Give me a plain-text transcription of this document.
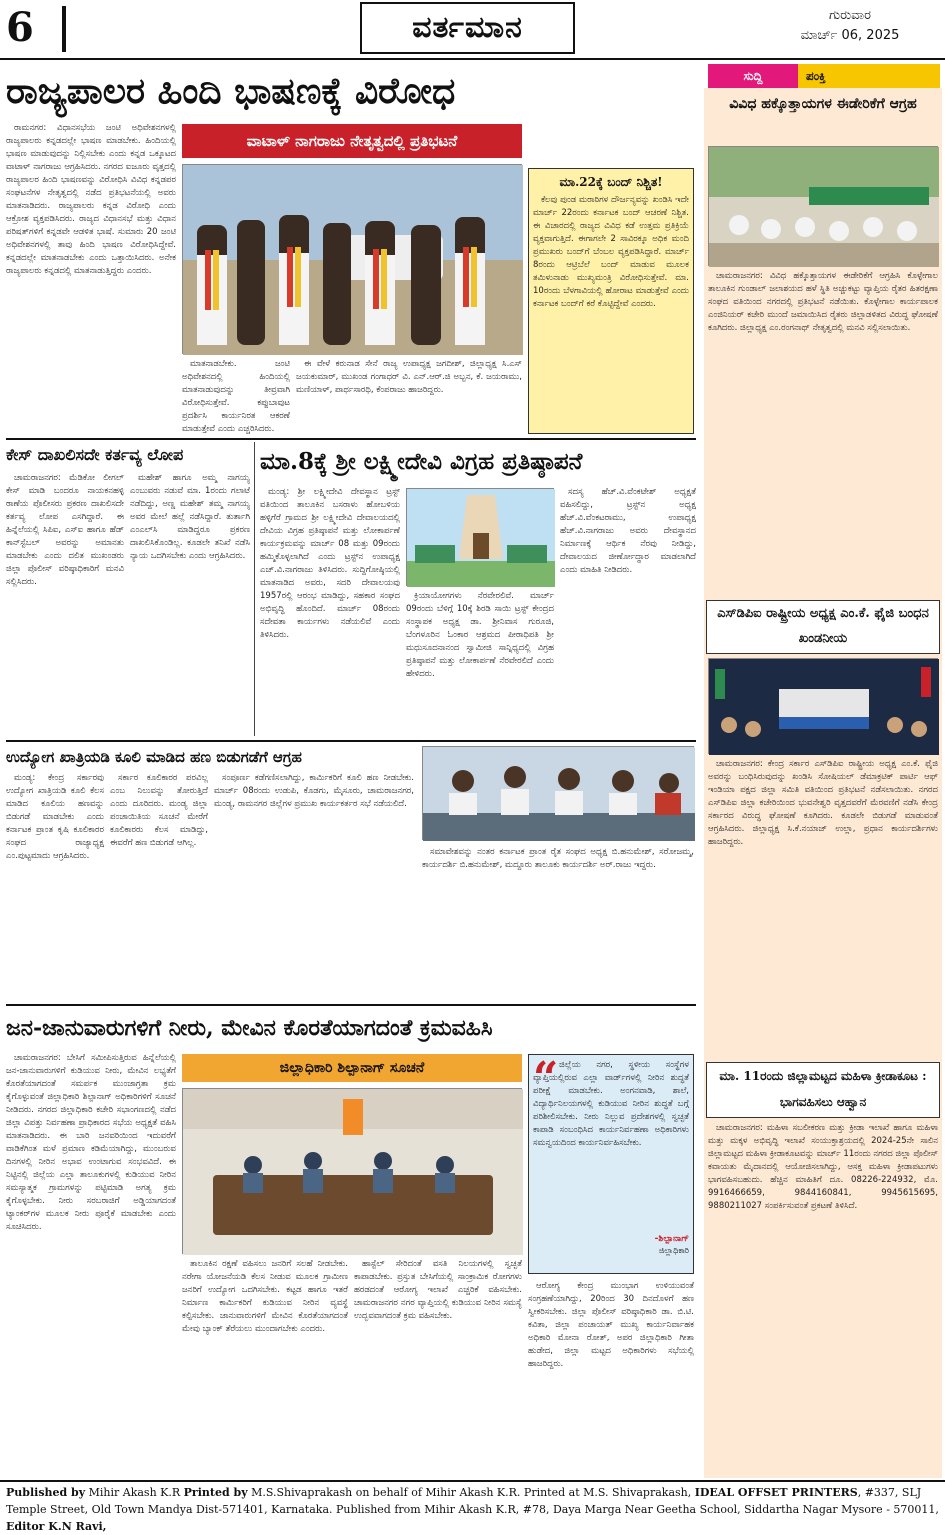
6	ವರ್ತಮಾನ	ಗುರುವಾರ
ಮಾರ್ಚ್ 06, 2025
ಸುದ್ದಿ	ಪಂಕ್ತಿ
ರಾಜ್ಯಪಾಲರ ಹಿಂದಿ ಭಾಷಣಕ್ಕೆ ವಿರೋಧ

ರಾಮನಗರ: ವಿಧಾನಸಭೆಯ ಜಂಟಿ ಅಧಿವೇಶನಗಳಲ್ಲಿ ರಾಜ್ಯಪಾಲರು ಕನ್ನಡದಲ್ಲೇ ಭಾಷಣ ಮಾಡಬೇಕು. ಹಿಂದಿಯಲ್ಲಿ ಭಾಷಣ ಮಾಡುವುದನ್ನು ನಿಲ್ಲಿಸಬೇಕು ಎಂದು ಕನ್ನಡ ಒಕ್ಕೂಟದ ವಾಟಾಳ್ ನಾಗರಾಜು ಆಗ್ರಹಿಸಿದರು. ನಗರದ ಐಜೂರು ವೃತ್ತದಲ್ಲಿ ರಾಜ್ಯಪಾಲರ ಹಿಂದಿ ಭಾಷಣವನ್ನು ವಿರೋಧಿಸಿ ವಿವಿಧ ಕನ್ನಡಪರ ಸಂಘಟನೆಗಳ ನೇತೃತ್ವದಲ್ಲಿ ನಡೆದ ಪ್ರತಿಭಟನೆಯಲ್ಲಿ ಅವರು ಮಾತನಾಡಿದರು. ರಾಜ್ಯಪಾಲರು ಕನ್ನಡ ವಿರೋಧಿ ಎಂದು ಆಕ್ರೋಶ ವ್ಯಕ್ತಪಡಿಸಿದರು. ರಾಜ್ಯದ ವಿಧಾನಸಭೆ ಮತ್ತು ವಿಧಾನ ಪರಿಷತ್‌ಗಳಿಗೆ ಕನ್ನಡವೇ ಆಡಳಿತ ಭಾಷೆ. ಸುಮಾರು 20 ಜಂಟಿ ಅಧಿವೇಶನಗಳಲ್ಲಿ ತಾವು ಹಿಂದಿ ಭಾಷಣ ವಿರೋಧಿಸಿದ್ದೇವೆ. ಕನ್ನಡದಲ್ಲೇ ಮಾತನಾಡಬೇಕು ಎಂದು ಒತ್ತಾಯಿಸಿದರು. ಅನೇಕ ರಾಜ್ಯಪಾಲರು ಕನ್ನಡದಲ್ಲಿ ಮಾತನಾಡುತ್ತಿದ್ದರು ಎಂದರು.

ವಾಟಾಳ್ ನಾಗರಾಜು ನೇತೃತ್ವದಲ್ಲಿ ಪ್ರತಿಭಟನೆ

ಮಾತನಾಡಬೇಕು. ಜಂಟಿ ಅಧಿವೇಶನದಲ್ಲಿ ಹಿಂದಿಯಲ್ಲಿ ಮಾತನಾಡುವುದನ್ನು ತೀವ್ರವಾಗಿ ವಿರೋಧಿಸುತ್ತೇವೆ. ಕಪ್ಪುಬಾವುಟ ಪ್ರದರ್ಶಿಸಿ ಕಾರ್ಯನಿರತ ಆಕರಣೆ ಮಾಡುತ್ತೇವೆ ಎಂದು ಎಚ್ಚರಿಸಿದರು.

ಈ ವೇಳೆ ಕರುನಾಡ ಸೇನೆ ರಾಜ್ಯ ಉಪಾಧ್ಯಕ್ಷ ಜಗದೀಶ್, ಜಿಲ್ಲಾಧ್ಯಕ್ಷ ಸಿ.ಎಸ್ ಜಯಕುಮಾರ್, ಮುಖಂಡ ಗಂಗಾಧರ್ ವಿ. ಎನ್.ಆರ್.ಜಿ ಅಬ್ಬನ, ಕೆ. ಜಯರಾಮು, ಮಣಿಯಾಳ್, ಪಾರ್ಥಸಾರಥಿ, ಕೆಂಪರಾಜು ಹಾಜರಿದ್ದರು.

ಮಾ.22ಕ್ಕೆ ಬಂದ್ ನಿಶ್ಚಿತ!

ಕೆಲವು ಪುಂಡ ಮರಾಠಿಗಳ ದೌರ್ಜನ್ಯವನ್ನು ಖಂಡಿಸಿ ಇದೇ ಮಾರ್ಚ್ 22ರಂದು ಕರ್ನಾಟಕ ಬಂದ್ ಆಚರಣೆ ನಿಶ್ಚಿತ. ಈ ವಿಚಾರದಲ್ಲಿ ರಾಜ್ಯದ ವಿವಿಧ ಕಡೆ ಉತ್ತಮ ಪ್ರತಿಕ್ರಿಯೆ ವ್ಯಕ್ತವಾಗುತ್ತಿದೆ. ಈಗಾಗಲೇ 2 ಸಾವಿರಕ್ಕೂ ಅಧಿಕ ಮಂದಿ ಪ್ರಮುಖರು ಬಂದ್‌ಗೆ ಬೆಂಬಲ ವ್ಯಕ್ತಪಡಿಸಿದ್ದಾರೆ. ಮಾರ್ಚ್ 8ರಂದು ಆಟ್ರಿಬೆಲೆ ಬಂದ್ ಮಾಡುವ ಮೂಲಕ ತಮಿಳುನಾಡು ಮುಖ್ಯಮಂತ್ರಿ ವಿರೋಧಿಸುತ್ತೇವೆ. ಮಾ. 10ರಂದು ಬೆಳಗಾವಿಯಲ್ಲಿ ಹೋರಾಟ ಮಾಡುತ್ತೇವೆ ಎಂದು ಕರ್ನಾಟಕ ಬಂದ್‌ಗೆ ಕರೆ ಕೊಟ್ಟಿದ್ದೇವೆ ಎಂದರು.

ಕೇಸ್ ದಾಖಲಿಸದೇ ಕರ್ತವ್ಯ ಲೋಪ

ಚಾಮರಾಜನಗರ: ಮೆಡಿಕೋ ಲೀಗಲ್ ಕೇಸ್ ಮಾಡಿ ಬಂದರೂ ನಾಯಕನಹಳ್ಳಿ ಠಾಣೆಯ ಪೊಲೀಸರು ಪ್ರಕರಣ ದಾಖಲಿಸದೇ ಕರ್ತವ್ಯ ಲೋಪ ಎಸಗಿದ್ದಾರೆ. ಈ ಹಿನ್ನೆಲೆಯಲ್ಲಿ ಸಿಪಿಐ, ಎಸ್‌ಐ ಹಾಗೂ ಹೆಡ್ ಕಾನ್‌ಸ್ಟೆಬಲ್ ಅವರನ್ನು ಅಮಾನತು ಮಾಡಬೇಕು ಎಂದು ದಲಿತ ಮುಖಂಡರು ಜಿಲ್ಲಾ ಪೊಲೀಸ್ ವರಿಷ್ಠಾಧಿಕಾರಿಗೆ ಮನವಿ ಸಲ್ಲಿಸಿದರು.

ಮಹೇಶ್ ಹಾಗೂ ಅಮ್ಮ ನಾಗಯ್ಯ ಎಂಬುವರು ನಡುವೆ ಮಾ. 1ರಂದು ಗಲಾಟೆ ನಡೆದಿದ್ದು, ಅಣ್ಣ ಮಹೇಶ್ ತಮ್ಮ ನಾಗಯ್ಯ ಅವರ ಮೇಲೆ ಹಲ್ಲೆ ನಡೆಸಿದ್ದಾರೆ. ತುರ್ತಾಗಿ ಎಂಎಲ್‌ಸಿ ಮಾಡಿದ್ದರೂ ಪ್ರಕರಣ ದಾಖಲಿಸಿಕೊಂಡಿಲ್ಲ. ಕೂಡಲೇ ತನಿಖೆ ನಡೆಸಿ ನ್ಯಾಯ ಒದಗಿಸಬೇಕು ಎಂದು ಆಗ್ರಹಿಸಿದರು.

ಮಾ.8ಕ್ಕೆ ಶ್ರೀ ಲಕ್ಷ್ಮೀದೇವಿ ವಿಗ್ರಹ ಪ್ರತಿಷ್ಠಾಪನೆ

ಮಂಡ್ಯ: ಶ್ರೀ ಲಕ್ಷ್ಮೀದೇವಿ ದೇವಸ್ಥಾನ ಟ್ರಸ್ಟ್ ವತಿಯಿಂದ ತಾಲೂಕಿನ ಬಸರಾಳು ಹೋಬಳಿಯ ಹಳ್ಳಿಗೆರೆ ಗ್ರಾಮದ ಶ್ರೀ ಲಕ್ಷ್ಮೀದೇವಿ ದೇವಾಲಯದಲ್ಲಿ ದೇವಿಯ ವಿಗ್ರಹ ಪ್ರತಿಷ್ಠಾಪನೆ ಮತ್ತು ಲೋಕಾರ್ಪಣೆ ಕಾರ್ಯಕ್ರಮವನ್ನು ಮಾರ್ಚ್ 08 ಮತ್ತು 09ರಂದು ಹಮ್ಮಿಕೊಳ್ಳಲಾಗಿದೆ ಎಂದು ಟ್ರಸ್ಟ್‌ನ ಉಪಾಧ್ಯಕ್ಷ ಎಚ್.ವಿ.ನಾಗರಾಜು ತಿಳಿಸಿದರು. ಸುದ್ದಿಗೋಷ್ಠಿಯಲ್ಲಿ ಮಾತನಾಡಿದ ಅವರು, ಸದರಿ ದೇವಾಲಯವು 1957ರಲ್ಲಿ ಆರಂಭ ಮಾಡಿದ್ದು, ಸಹಕಾರ ಸಂಘದ ಅಭಿವೃದ್ಧಿ ಹೊಂದಿದೆ. ಮಾರ್ಚ್ 08ರಂದು ಸದೇವತಾ ಕಾರ್ಯಗಳು ನಡೆಯಲಿವೆ ಎಂದು ತಿಳಿಸಿದರು.

ಕ್ರಿಯಾಯೋಗಗಳು ನೆರವೇರಲಿವೆ. ಮಾರ್ಚ್ 09ರಂದು ಬೆಳಿಗ್ಗೆ 10ಕ್ಕೆ ಶಿರಡಿ ಸಾಯಿ ಟ್ರಸ್ಟ್ ಕೇಂದ್ರದ ಸಂಸ್ಥಾಪಕ ಅಧ್ಯಕ್ಷ ಡಾ. ಶ್ರೀನಿವಾಸ ಗುರೂಜಿ, ಬೆಂಗಳೂರಿನ ಓಂಕಾರ ಆಶ್ರಮದ ಪೀಠಾಧಿಪತಿ ಶ್ರೀ ಮಧುಸೂದನಾನಂದ ಸ್ವಾಮೀಜಿ ಸಾನ್ನಿಧ್ಯದಲ್ಲಿ ವಿಗ್ರಹ ಪ್ರತಿಷ್ಠಾಪನೆ ಮತ್ತು ಲೋಕಾರ್ಪಣೆ ನೆರವೇರಲಿದೆ ಎಂದು ಹೇಳಿದರು.

ಸದಸ್ಯ ಹೆಚ್.ವಿ.ವೆಂಕಟೇಶ್ ಅಧ್ಯಕ್ಷತೆ ವಹಿಸಲಿದ್ದು, ಟ್ರಸ್ಟ್‌ನ ಅಧ್ಯಕ್ಷ ಹೆಚ್.ವಿ.ವೆಂಕಟರಾಮು, ಉಪಾಧ್ಯಕ್ಷ ಹೆಚ್.ವಿ.ನಾಗರಾಜು ಅವರು ದೇವಸ್ಥಾನದ ನಿರ್ಮಾಣಕ್ಕೆ ಆರ್ಥಿಕ ನೆರವು ನೀಡಿದ್ದು, ದೇವಾಲಯದ ಜೀರ್ಣೋದ್ಧಾರ ಮಾಡಲಾಗಿದೆ ಎಂದು ಮಾಹಿತಿ ನೀಡಿದರು.

ಉದ್ಯೋಗ ಖಾತ್ರಿಯಡಿ ಕೂಲಿ ಮಾಡಿದ ಹಣ ಬಿಡುಗಡೆಗೆ ಆಗ್ರಹ

ಮಂಡ್ಯ: ಕೇಂದ್ರ ಸರ್ಕಾರವು ಉದ್ಯೋಗ ಖಾತ್ರಿಯಡಿ ಕೂಲಿ ಕೆಲಸ ಮಾಡಿದ ಕೂಲಿಯ ಹಣವನ್ನು ಬಿಡುಗಡೆ ಮಾಡಬೇಕು ಎಂದು ಕರ್ನಾಟಕ ಪ್ರಾಂತ ಕೃಷಿ ಕೂಲಿಕಾರರ ಸಂಘದ ರಾಜ್ಯಾಧ್ಯಕ್ಷ ಎಂ.ಪುಟ್ಟಮಾದು ಆಗ್ರಹಿಸಿದರು.

ಸರ್ಕಾರ ಕೂಲಿಕಾರರ ಪರವಿಲ್ಲ ಎಂಬ ನಿಲುವನ್ನು ತೋರುತ್ತಿದೆ ಎಂದು ದೂರಿದರು. ಮಂಡ್ಯ ಜಿಲ್ಲಾ ಪಂಚಾಯಿತಿಯ ಸೂಚನೆ ಮೇರೆಗೆ ಕೂಲಿಕಾರರು ಕೆಲಸ ಮಾಡಿದ್ದು, ಈವರೆಗೆ ಹಣ ಬಿಡುಗಡೆ ಆಗಿಲ್ಲ.

ಸಂಪೂರ್ಣ ಕಡೆಗಣಿಸಲಾಗಿದ್ದು, ಕಾರ್ಮಿಕರಿಗೆ ಕೂಲಿ ಹಣ ನೀಡಬೇಕು. ಮಾರ್ಚ್ 08ರಂದು ಉಡುಪಿ, ಕೊಡಗು, ಮೈಸೂರು, ಚಾಮರಾಜನಗರ, ಮಂಡ್ಯ, ರಾಮನಗರ ಜಿಲ್ಲೆಗಳ ಪ್ರಮುಖ ಕಾರ್ಯಕರ್ತರ ಸಭೆ ನಡೆಯಲಿದೆ.

ಸಮಾವೇಶವನ್ನು ನಂತರ ಕರ್ನಾಟಕ ಪ್ರಾಂತ ರೈತ ಸಂಘದ ಅಧ್ಯಕ್ಷ ಬಿ.ಹನುಮೇಶ್, ಸರೋಜಮ್ಮ, ಕಾರ್ಯದರ್ಶಿ ಬಿ.ಹನುಮೇಶ್, ಮದ್ದೂರು ತಾಲೂಕು ಕಾರ್ಯದರ್ಶಿ ಅರ್.ರಾಜು ಇದ್ದರು.

ಜನ-ಜಾನುವಾರುಗಳಿಗೆ ನೀರು, ಮೇವಿನ ಕೊರತೆಯಾಗದಂತೆ ಕ್ರಮವಹಿಸಿ

ಚಾಮರಾಜನಗರ: ಬೇಸಿಗೆ ಸಮೀಪಿಸುತ್ತಿರುವ ಹಿನ್ನೆಲೆಯಲ್ಲಿ ಜನ-ಜಾನುವಾರುಗಳಿಗೆ ಕುಡಿಯುವ ನೀರು, ಮೇವಿನ ಲಭ್ಯತೆಗೆ ಕೊರತೆಯಾಗದಂತೆ ಸಮರ್ಪಕ ಮುಂಜಾಗ್ರತಾ ಕ್ರಮ ಕೈಗೊಳ್ಳುವಂತೆ ಜಿಲ್ಲಾಧಿಕಾರಿ ಶಿಲ್ಪಾನಾಗ್ ಅಧಿಕಾರಿಗಳಿಗೆ ಸೂಚನೆ ನೀಡಿದರು. ನಗರದ ಜಿಲ್ಲಾಧಿಕಾರಿ ಕಚೇರಿ ಸಭಾಂಗಣದಲ್ಲಿ ನಡೆದ ಜಿಲ್ಲಾ ವಿಪತ್ತು ನಿರ್ವಹಣಾ ಪ್ರಾಧಿಕಾರದ ಸಭೆಯ ಅಧ್ಯಕ್ಷತೆ ವಹಿಸಿ ಮಾತನಾಡಿದರು. ಈ ಬಾರಿ ಜನವರಿಯಿಂದ ಇದುವರೆಗೆ ವಾಡಿಕೆಗಿಂತ ಮಳೆ ಪ್ರಮಾಣ ಕಡಿಮೆಯಾಗಿದ್ದು, ಮುಂಬರುವ ದಿನಗಳಲ್ಲಿ ನೀರಿನ ಅಭಾವ ಉಂಟಾಗುವ ಸಂಭವವಿದೆ. ಈ ನಿಟ್ಟಿನಲ್ಲಿ ಜಿಲ್ಲೆಯ ಎಲ್ಲಾ ತಾಲೂಕುಗಳಲ್ಲಿ ಕುಡಿಯುವ ನೀರಿನ ಸಮಸ್ಯಾತ್ಮಕ ಗ್ರಾಮಗಳನ್ನು ಪಟ್ಟಿಮಾಡಿ ಅಗತ್ಯ ಕ್ರಮ ಕೈಗೊಳ್ಳಬೇಕು. ನೀರು ಸರಬರಾಜಿಗೆ ಅಡ್ಡಿಯಾಗದಂತೆ ಟ್ಯಾಂಕರ್‌ಗಳ ಮೂಲಕ ನೀರು ಪೂರೈಕೆ ಮಾಡಬೇಕು ಎಂದು ಸೂಚಿಸಿದರು.

ಜಿಲ್ಲಾಧಿಕಾರಿ ಶಿಲ್ಪಾನಾಗ್ ಸೂಚನೆ

ತಾಲೂಕಿನ ರಕ್ಷಣೆ ವಹಿಸಲು ಜನರಿಗೆ ಸಲಹೆ ನೀಡಬೇಕು. ನರೇಗಾ ಯೋಜನೆಯಡಿ ಕೆಲಸ ನೀಡುವ ಮೂಲಕ ಗ್ರಾಮೀಣ ಜನರಿಗೆ ಉದ್ಯೋಗ ಒದಗಿಸಬೇಕು. ಕಟ್ಟಡ ಹಾಗೂ ಇತರೆ ನಿರ್ಮಾಣ ಕಾರ್ಮಿಕರಿಗೆ ಕುಡಿಯುವ ನೀರಿನ ವ್ಯವಸ್ಥೆ ಕಲ್ಪಿಸಬೇಕು. ಜಾನುವಾರುಗಳಿಗೆ ಮೇವಿನ ಕೊರತೆಯಾಗದಂತೆ ಮೇವು ಬ್ಯಾಂಕ್ ತೆರೆಯಲು ಮುಂದಾಗಬೇಕು ಎಂದರು.

ಹಾಸ್ಟೆಲ್ ಸೇರಿದಂತೆ ವಸತಿ ನಿಲಯಗಳಲ್ಲಿ ಸ್ವಚ್ಛತೆ ಕಾಪಾಡಬೇಕು. ಪ್ರಸ್ತುತ ಬೇಸಿಗೆಯಲ್ಲಿ ಸಾಂಕ್ರಾಮಿಕ ರೋಗಗಳು ಹರಡದಂತೆ ಆರೋಗ್ಯ ಇಲಾಖೆ ಎಚ್ಚರಿಕೆ ವಹಿಸಬೇಕು. ಚಾಮರಾಜನಗರ ನಗರ ವ್ಯಾಪ್ತಿಯಲ್ಲಿ ಕುಡಿಯುವ ನೀರಿನ ಸಮಸ್ಯೆ ಉದ್ಭವವಾಗದಂತೆ ಕ್ರಮ ವಹಿಸಬೇಕು.

“ ಜಿಲ್ಲೆಯ ನಗರ, ಸ್ಥಳೀಯ ಸಂಸ್ಥೆಗಳ ವ್ಯಾಪ್ತಿಯಲ್ಲಿರುವ ಎಲ್ಲಾ ವಾರ್ಡ್‌ಗಳಲ್ಲಿ ನೀರಿನ ಶುದ್ಧತೆ ಪರೀಕ್ಷೆ ಮಾಡಬೇಕು. ಅಂಗನವಾಡಿ, ಶಾಲೆ, ವಿದ್ಯಾರ್ಥಿನಿಲಯಗಳಲ್ಲಿ ಕುಡಿಯುವ ನೀರಿನ ಶುದ್ಧತೆ ಬಗ್ಗೆ ಪರಿಶೀಲಿಸಬೇಕು. ನೀರು ನಿಲ್ಲುವ ಪ್ರದೇಶಗಳಲ್ಲಿ ಸ್ವಚ್ಛತೆ ಕಾಪಾಡಿ ಸಂಬಂಧಿಸಿದ ಕಾರ್ಯನಿರ್ವಹಣಾ ಅಧಿಕಾರಿಗಳು ಸಮನ್ವಯದಿಂದ ಕಾರ್ಯನಿರ್ವಹಿಸಬೇಕು.

-ಶಿಲ್ಪಾನಾಗ್
ಜಿಲ್ಲಾಧಿಕಾರಿ

ಆರೋಗ್ಯ ಕೇಂದ್ರ ಮುಂಭಾಗ ಉಳಿಯುವಂತೆ ಸಂಗ್ರಹಣೆಯಾಗಿದ್ದು, 20ರಿಂದ 30 ದಿನದೊಳಗೆ ಹಣ ಸ್ವೀಕರಿಸಬೇಕು. ಜಿಲ್ಲಾ ಪೊಲೀಸ್ ವರಿಷ್ಠಾಧಿಕಾರಿ ಡಾ. ಬಿ.ಟಿ. ಕವಿತಾ, ಜಿಲ್ಲಾ ಪಂಚಾಯತ್ ಮುಖ್ಯ ಕಾರ್ಯನಿರ್ವಾಹಕ ಅಧಿಕಾರಿ ಮೋನಾ ರೋತ್, ಅಪರ ಜಿಲ್ಲಾಧಿಕಾರಿ ಗೀತಾ ಹುಡೇದ, ಜಿಲ್ಲಾ ಮಟ್ಟದ ಅಧಿಕಾರಿಗಳು ಸಭೆಯಲ್ಲಿ ಹಾಜರಿದ್ದರು.

ವಿವಿಧ ಹಕ್ಕೊತ್ತಾಯಗಳ ಈಡೇರಿಕೆಗೆ ಆಗ್ರಹ

ಚಾಮರಾಜನಗರ: ವಿವಿಧ ಹಕ್ಕೊತ್ತಾಯಗಳ ಈಡೇರಿಕೆಗೆ ಆಗ್ರಹಿಸಿ ಕೊಳ್ಳೇಗಾಲ ತಾಲೂಕಿನ ಗುಂಡಾಲ್ ಜಲಾಶಯದ ಹಳೆ ಸ್ಥಿತಿ ಅಚ್ಚುಕಟ್ಟು ವ್ಯಾಪ್ತಿಯ ರೈತರ ಹಿತರಕ್ಷಣಾ ಸಂಘದ ವತಿಯಿಂದ ನಗರದಲ್ಲಿ ಪ್ರತಿಭಟನೆ ನಡೆಯಿತು. ಕೊಳ್ಳೇಗಾಲ ಕಾರ್ಯಪಾಲಕ ಎಂಜಿನಿಯರ್ ಕಚೇರಿ ಮುಂದೆ ಜಮಾಯಿಸಿದ ರೈತರು ಜಿಲ್ಲಾಡಳಿತದ ವಿರುದ್ಧ ಘೋಷಣೆ ಕೂಗಿದರು. ಜಿಲ್ಲಾಧ್ಯಕ್ಷ ಎಂ.ರಂಗನಾಥ್ ನೇತೃತ್ವದಲ್ಲಿ ಮನವಿ ಸಲ್ಲಿಸಲಾಯಿತು.

ಎಸ್‌ಡಿಪಿಐ ರಾಷ್ಟ್ರೀಯ ಅಧ್ಯಕ್ಷ ಎಂ.ಕೆ. ಫೈಜಿ ಬಂಧನ ಖಂಡನೀಯ

ಚಾಮರಾಜನಗರ: ಕೇಂದ್ರ ಸರ್ಕಾರ ಎಸ್‌ಡಿಪಿಐ ರಾಷ್ಟ್ರೀಯ ಅಧ್ಯಕ್ಷ ಎಂ.ಕೆ. ಫೈಜಿ ಅವರನ್ನು ಬಂಧಿಸಿರುವುದನ್ನು ಖಂಡಿಸಿ ಸೋಷಿಯಲ್ ಡೆಮಾಕ್ರಟಿಕ್ ಪಾರ್ಟಿ ಆಫ್ ಇಂಡಿಯಾ ಪಕ್ಷದ ಜಿಲ್ಲಾ ಸಮಿತಿ ವತಿಯಿಂದ ಪ್ರತಿಭಟನೆ ನಡೆಸಲಾಯಿತು. ನಗರದ ಎಸ್‌ಡಿಪಿಐ ಜಿಲ್ಲಾ ಕಚೇರಿಯಿಂದ ಭುವನೇಶ್ವರಿ ವೃತ್ತದವರೆಗೆ ಮೆರವಣಿಗೆ ನಡೆಸಿ ಕೇಂದ್ರ ಸರ್ಕಾರದ ವಿರುದ್ಧ ಘೋಷಣೆ ಕೂಗಿದರು. ಕೂಡಲೇ ಬಿಡುಗಡೆ ಮಾಡುವಂತೆ ಆಗ್ರಹಿಸಿದರು. ಜಿಲ್ಲಾಧ್ಯಕ್ಷ ಸಿ.ಕೆ.ನಯಾಜ್ ಉಲ್ಲಾ, ಪ್ರಧಾನ ಕಾರ್ಯದರ್ಶಿಗಳು ಹಾಜರಿದ್ದರು.

ಮಾ. 11ರಂದು ಜಿಲ್ಲಾಮಟ್ಟದ ಮಹಿಳಾ ಕ್ರೀಡಾಕೂಟ : ಭಾಗವಹಿಸಲು ಆಹ್ವಾನ

ಚಾಮರಾಜನಗರ: ಮಹಿಳಾ ಸಬಲೀಕರಣ ಮತ್ತು ಕ್ರೀಡಾ ಇಲಾಖೆ ಹಾಗೂ ಮಹಿಳಾ ಮತ್ತು ಮಕ್ಕಳ ಅಭಿವೃದ್ಧಿ ಇಲಾಖೆ ಸಂಯುಕ್ತಾಶ್ರಯದಲ್ಲಿ 2024-25ನೇ ಸಾಲಿನ ಜಿಲ್ಲಾಮಟ್ಟದ ಮಹಿಳಾ ಕ್ರೀಡಾಕೂಟವನ್ನು ಮಾರ್ಚ್ 11ರಂದು ನಗರದ ಜಿಲ್ಲಾ ಪೊಲೀಸ್ ಕವಾಯತು ಮೈದಾನದಲ್ಲಿ ಆಯೋಜಿಸಲಾಗಿದ್ದು, ಆಸಕ್ತ ಮಹಿಳಾ ಕ್ರೀಡಾಪಟುಗಳು ಭಾಗವಹಿಸಬಹುದು. ಹೆಚ್ಚಿನ ಮಾಹಿತಿಗೆ ದೂ. 08226-224932, ಮೊ. 9916466659, 9844160841, 9945615695, 9880211027 ಸಂಪರ್ಕಿಸುವಂತೆ ಪ್ರಕಟಣೆ ತಿಳಿಸಿದೆ.

Published by Mihir Akash K.R Printed by M.S.Shivaprakash on behalf of Mihir Akash K.R. Printed at M.S. Shivaprakash, IDEAL OFFSET PRINTERS, #337, SLJ Temple Street, Old Town Mandya Dist-571401, Karnataka. Published from Mihir Akash K.R, #78, Daya Marga Near Geetha School, Siddartha Nagar Mysore - 570011, Editor K.N Ravi,
